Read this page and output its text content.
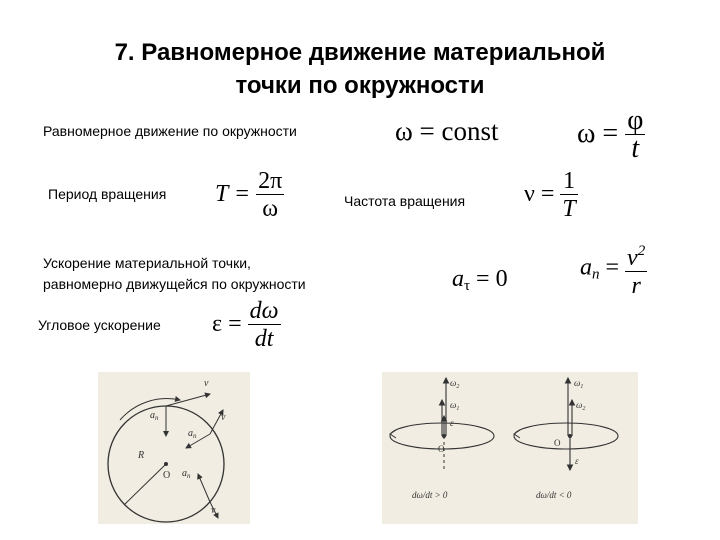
7. Равномерное движение материальной
точки по окружности
Равномерное движение по окружности	ω = const	$\omega = \frac{\varphi}{t}$
Период вращения $T = \frac{2\pi}{\omega}$	Частота вращения $\nu = \frac{1}{T}$
Ускорение материальной точки,
равномерно движущейся по окружности	$a_\tau = 0$	$a_n = \frac{v^2}{r}$
Угловое ускорение $\varepsilon = \frac{d\omega}{dt}$
v
$a_n$	v
$a_n$
R
O $a_n$
v
$\omega_2$
$\omega_1$
ε
O
dω/dt > 0
$\omega_1$
$\omega_2$
O
ε
dω/dt < 0
